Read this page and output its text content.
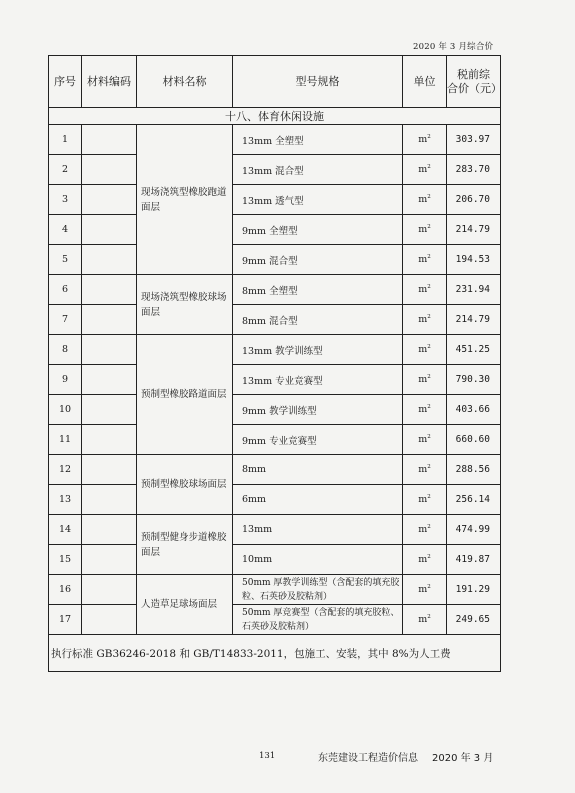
2020 年 3 月综合价
序号	材料编码	材料名称	型号规格	单位	税前综
合价（元）
十八、体育休闲设施					
1		现场浇筑型橡胶跑道面层	13mm 全塑型	$m^2$	303.97
2			13mm 混合型	$m^2$	283.70
3			13mm 透气型	$m^2$	206.70
4			9mm 全塑型	$m^2$	214.79
5			9mm 混合型	$m^2$	194.53
6		现场浇筑型橡胶球场面层	8mm 全塑型	$m^2$	231.94
7			8mm 混合型	$m^2$	214.79
8		预制型橡胶路道面层	13mm 教学训练型	$m^2$	451.25
9			13mm 专业竞赛型	$m^2$	790.30
10			9mm 教学训练型	$m^2$	403.66
11			9mm 专业竞赛型	$m^2$	660.60
12		预制型橡胶球场面层	8mm	$m^2$	288.56
13			6mm	$m^2$	256.14
14		预制型健身步道橡胶面层	13mm	$m^2$	474.99
15			10mm	$m^2$	419.87
16		人造草足球场面层	50mm 厚教学训练型（含配套的填充胶粒、石英砂及胶粘剂）	$m^2$	191.29
17			50mm 厚竞赛型（含配套的填充胶粒、石英砂及胶粘剂）	$m^2$	249.65
执行标准 GB36246-2018 和 GB/T14833-2011，包施工、安装，其中 8%为人工费					
131	东莞建设工程造价信息 2020 年 3 月
